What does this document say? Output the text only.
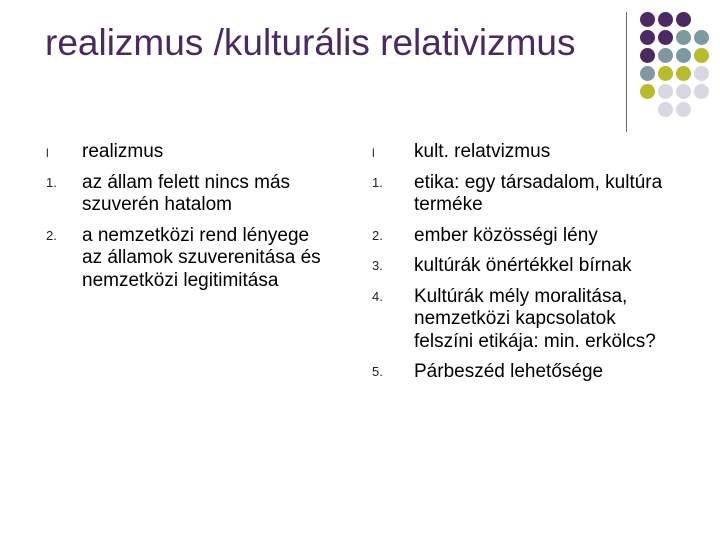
realizmus /kulturális relativizmus
l realizmus
1. az állam felett nincs más szuverén hatalom
2. a nemzetközi rend lényege az államok szuverenitása és nemzetközi legitimitása
l kult. relatvizmus
1. etika: egy társadalom, kultúra terméke
2. ember közösségi lény
3. kultúrák önértékkel bírnak
4. Kultúrák mély moralitása, nemzetközi kapcsolatok felszíni etikája: min. erkölcs?
5. Párbeszéd lehetősége
